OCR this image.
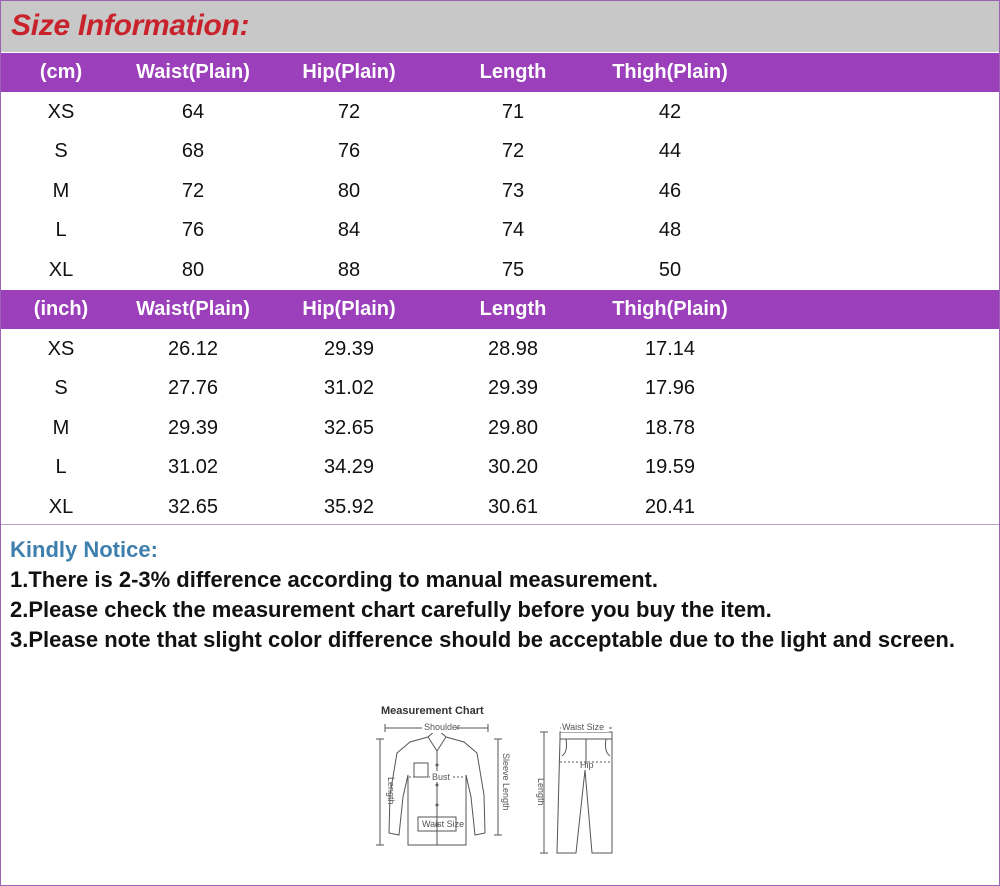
Size Information:
(cm)	Waist(Plain)	Hip(Plain)	Length	Thigh(Plain)
XS	64	72	71	42
S	68	76	72	44
M	72	80	73	46
L	76	84	74	48
XL	80	88	75	50
(inch)	Waist(Plain)	Hip(Plain)	Length	Thigh(Plain)
XS	26.12	29.39	28.98	17.14
S	27.76	31.02	29.39	17.96
M	29.39	32.65	29.80	18.78
L	31.02	34.29	30.20	19.59
XL	32.65	35.92	30.61	20.41
Kindly Notice:
1.There is 2-3% difference according to manual measurement.
2.Please check the measurement chart carefully before you buy the item.
3.Please note that slight color difference should be acceptable due to the light and screen.
Measurement Chart
Shoulder
Bust
Waist Size
Length	Sleeve Length
Waist Size
Hip
Length
